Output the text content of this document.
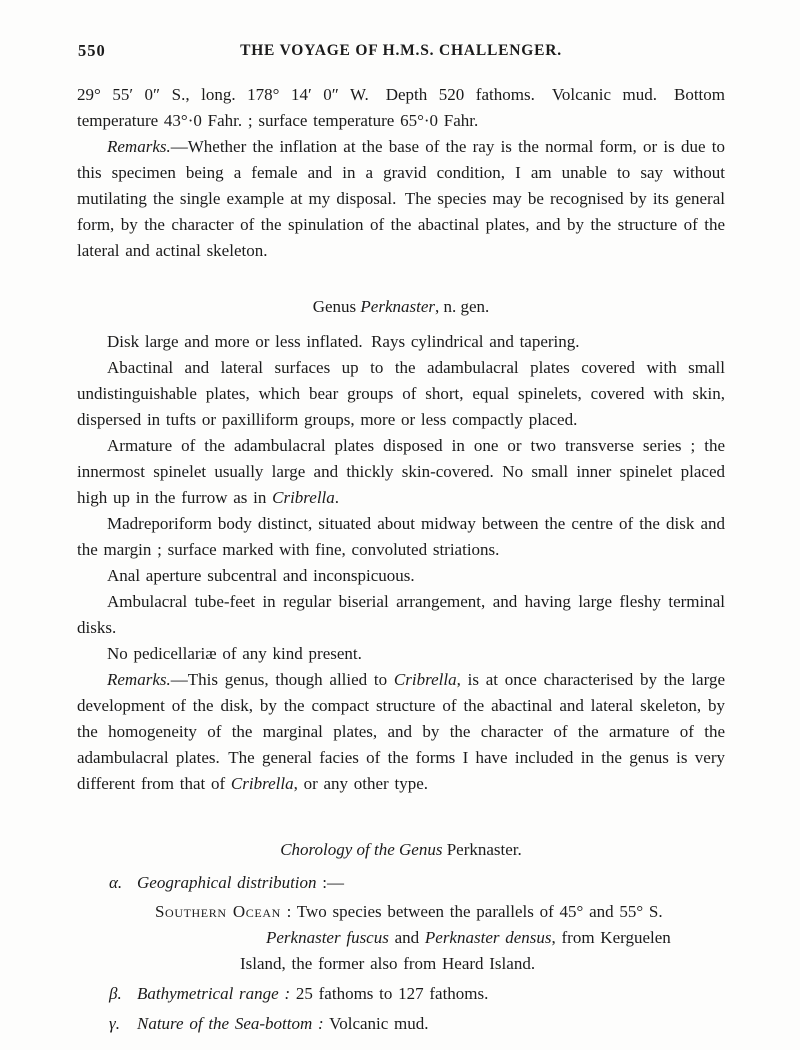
550	THE VOYAGE OF H.M.S. CHALLENGER.

29° 55′ 0″ S., long. 178° 14′ 0″ W. Depth 520 fathoms. Volcanic mud. Bottom temperature 43°·0 Fahr. ; surface temperature 65°·0 Fahr.

Remarks.—Whether the inflation at the base of the ray is the normal form, or is due to this specimen being a female and in a gravid condition, I am unable to say without mutilating the single example at my disposal. The species may be recognised by its general form, by the character of the spinulation of the abactinal plates, and by the structure of the lateral and actinal skeleton.

Genus Perknaster, n. gen.

Disk large and more or less inflated. Rays cylindrical and tapering.

Abactinal and lateral surfaces up to the adambulacral plates covered with small undistinguishable plates, which bear groups of short, equal spinelets, covered with skin, dispersed in tufts or paxilliform groups, more or less compactly placed.

Armature of the adambulacral plates disposed in one or two transverse series ; the innermost spinelet usually large and thickly skin-covered. No small inner spinelet placed high up in the furrow as in Cribrella.

Madreporiform body distinct, situated about midway between the centre of the disk and the margin ; surface marked with fine, convoluted striations.

Anal aperture subcentral and inconspicuous.

Ambulacral tube-feet in regular biserial arrangement, and having large fleshy terminal disks.

No pedicellariæ of any kind present.

Remarks.—This genus, though allied to Cribrella, is at once characterised by the large development of the disk, by the compact structure of the abactinal and lateral skeleton, by the homogeneity of the marginal plates, and by the character of the armature of the adambulacral plates. The general facies of the forms I have included in the genus is very different from that of Cribrella, or any other type.

Chorology of the Genus Perknaster.

α. Geographical distribution :—
Southern Ocean : Two species between the parallels of 45° and 55° S.
Perknaster fuscus and Perknaster densus, from Kerguelen
Island, the former also from Heard Island.
β. Bathymetrical range : 25 fathoms to 127 fathoms.
γ. Nature of the Sea-bottom : Volcanic mud.
